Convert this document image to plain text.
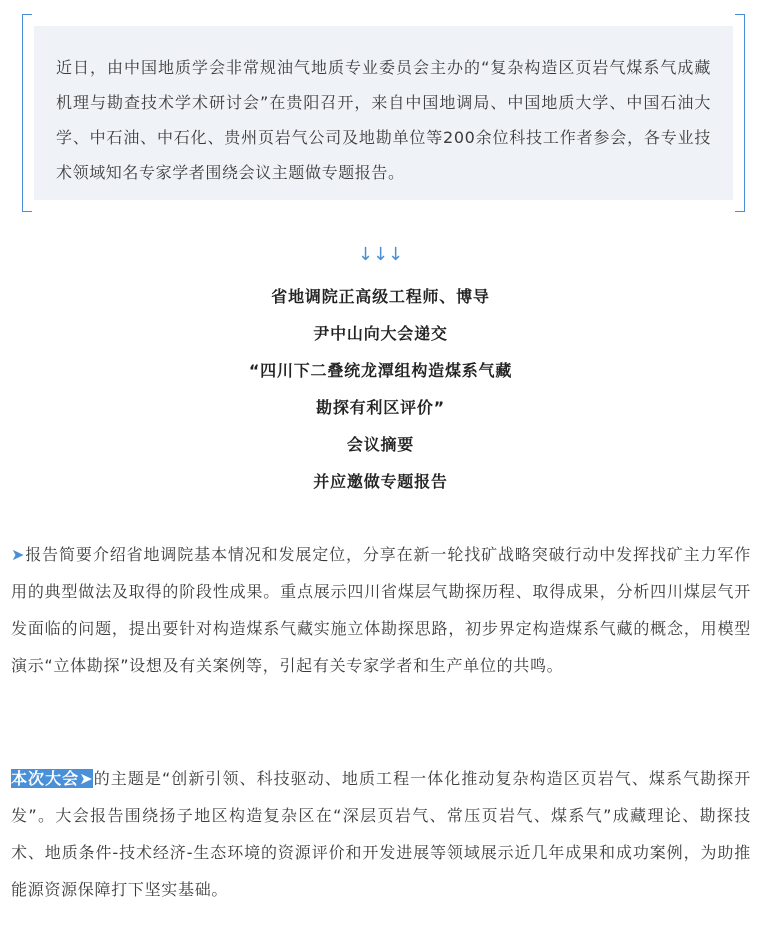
近日，由中国地质学会非常规油气地质专业委员会主办的“复杂构造区页岩气煤系气成藏机理与勘查技术学术研讨会”在贵阳召开，来自中国地调局、中国地质大学、中国石油大学、中石油、中石化、贵州页岩气公司及地勘单位等200余位科技工作者参会，各专业技术领域知名专家学者围绕会议主题做专题报告。

↓↓↓
省地调院正高级工程师、博导
尹中山向大会递交
“四川下二叠统龙潭组构造煤系气藏
勘探有利区评价”
会议摘要
并应邀做专题报告

➤报告简要介绍省地调院基本情况和发展定位，分享在新一轮找矿战略突破行动中发挥找矿主力军作用的典型做法及取得的阶段性成果。重点展示四川省煤层气勘探历程、取得成果，分析四川煤层气开发面临的问题，提出要针对构造煤系气藏实施立体勘探思路，初步界定构造煤系气藏的概念，用模型演示“立体勘探”设想及有关案例等，引起有关专家学者和生产单位的共鸣。

本次大会➤的主题是“创新引领、科技驱动、地质工程一体化推动复杂构造区页岩气、煤系气勘探开发”。大会报告围绕扬子地区构造复杂区在“深层页岩气、常压页岩气、煤系气”成藏理论、勘探技术、地质条件-技术经济-生态环境的资源评价和开发进展等领域展示近几年成果和成功案例，为助推能源资源保障打下坚实基础。
